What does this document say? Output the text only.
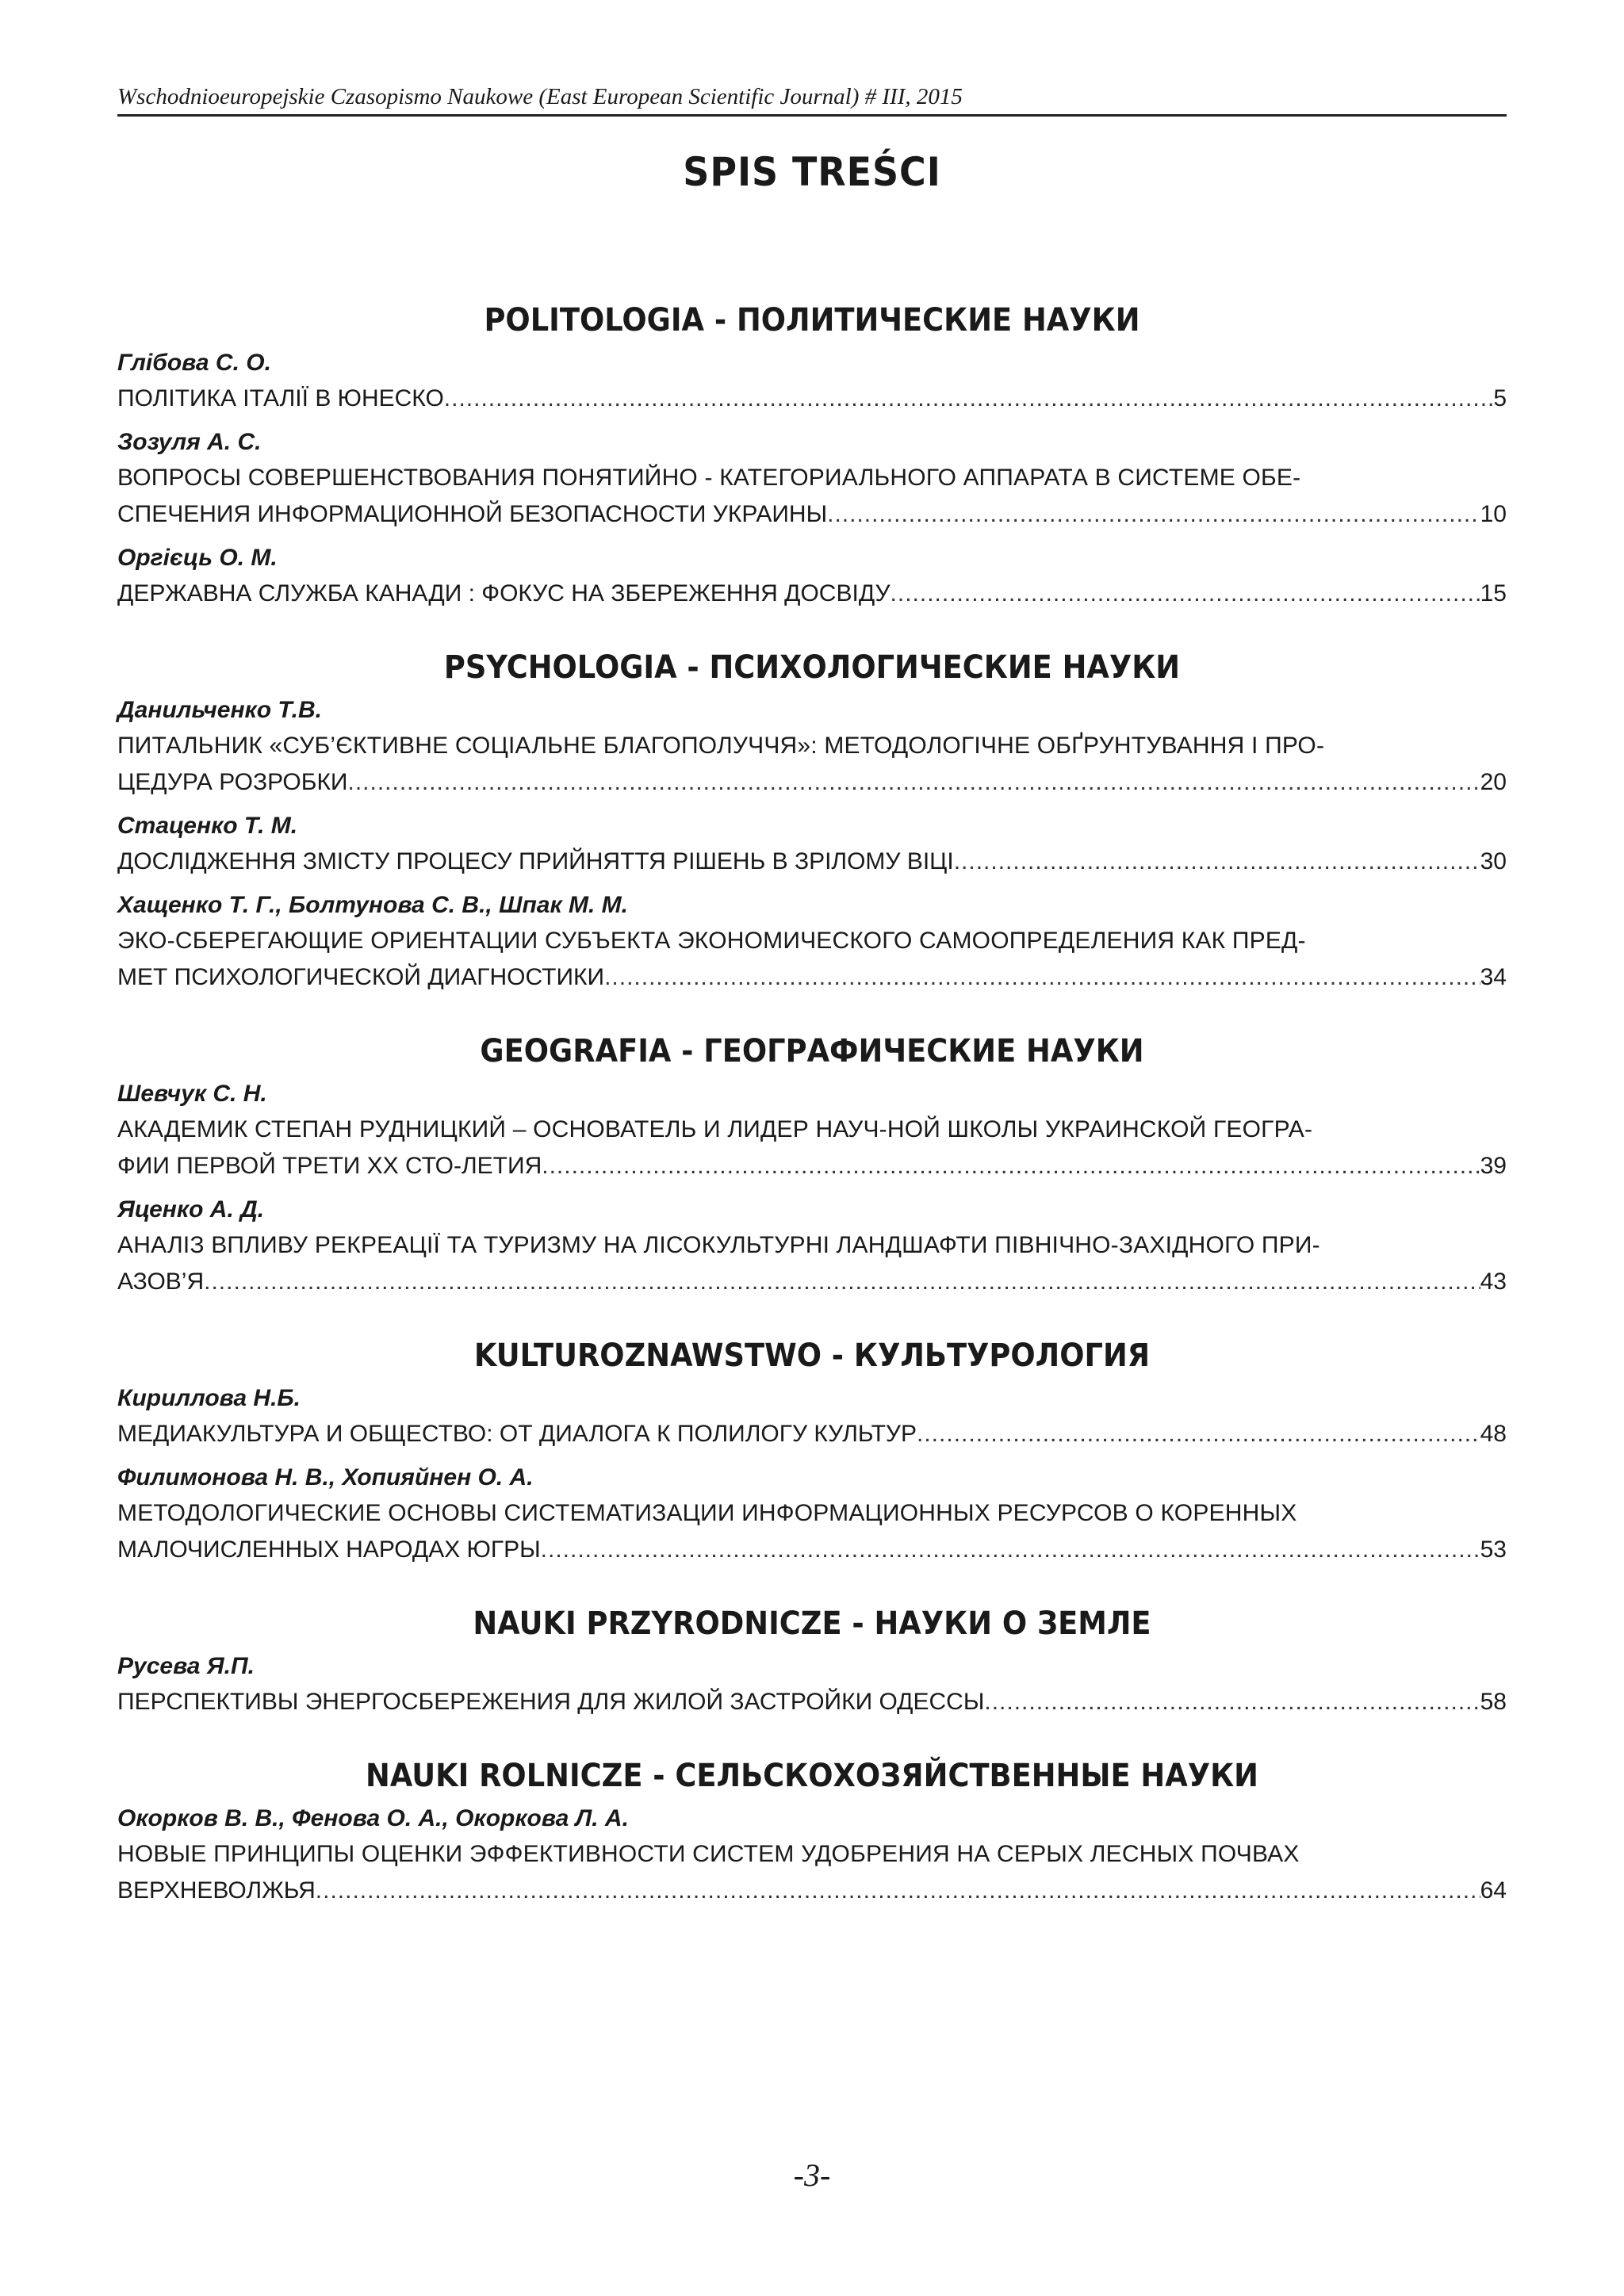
Wschodnioeuropejskie Czasopismo Naukowe (East European Scientific Journal) # III, 2015
SPIS TREŚCI
POLITOLOGIA - ПОЛИТИЧЕСКИЕ НАУКИ
Глібова С. О.
ПОЛІТИКА ІТАЛІЇ В ЮНЕСКО .....	5
Зозуля А. С.
ВОПРОСЫ СОВЕРШЕНСТВОВАНИЯ ПОНЯТИЙНО - КАТЕГОРИАЛЬНОГО АППАРАТА В СИСТЕМЕ ОБЕ-
СПЕЧЕНИЯ ИНФОРМАЦИОННОЙ БЕЗОПАСНОСТИ УКРАИНЫ .....	10
Оргієць О. М.
ДЕРЖАВНА СЛУЖБА КАНАДИ : ФОКУС НА ЗБЕРЕЖЕННЯ ДОСВІДУ .....	15
PSYCHOLOGIA - ПСИХОЛОГИЧЕСКИЕ НАУКИ
Данильченко Т.В.
ПИТАЛЬНИК «СУБ’ЄКТИВНЕ СОЦІАЛЬНЕ БЛАГОПОЛУЧЧЯ»: МЕТОДОЛОГІЧНЕ ОБҐРУНТУВАННЯ І ПРО-
ЦЕДУРА РОЗРОБКИ .....	20
Стаценко Т. М.
ДОСЛІДЖЕННЯ ЗМІСТУ ПРОЦЕСУ ПРИЙНЯТТЯ РІШЕНЬ В ЗРІЛОМУ ВІЦІ .....	30
Хащенко Т. Г., Болтунова С. В., Шпак М. М.
ЭКО-СБЕРЕГАЮЩИЕ ОРИЕНТАЦИИ СУБЪЕКТА ЭКОНОМИЧЕСКОГО САМООПРЕДЕЛЕНИЯ КАК ПРЕД-
МЕТ ПСИХОЛОГИЧЕСКОЙ ДИАГНОСТИКИ .....	34
GEOGRAFIA - ГЕОГРАФИЧЕСКИЕ НАУКИ
Шевчук С. Н.
АКАДЕМИК СТЕПАН РУДНИЦКИЙ – ОСНОВАТЕЛЬ И ЛИДЕР НАУЧ-НОЙ ШКОЛЫ УКРАИНСКОЙ ГЕОГРА-
ФИИ ПЕРВОЙ ТРЕТИ ХХ СТО-ЛЕТИЯ .....	39
Яценко А. Д.
АНАЛІЗ ВПЛИВУ РЕКРЕАЦІЇ ТА ТУРИЗМУ НА ЛІСОКУЛЬТУРНІ ЛАНДШАФТИ ПІВНІЧНО-ЗАХІДНОГО ПРИ-
АЗОВ’Я .....	43
KULTUROZNAWSTWO - КУЛЬТУРОЛОГИЯ
Кириллова Н.Б.
МЕДИАКУЛЬТУРА И ОБЩЕСТВО: ОТ ДИАЛОГА К ПОЛИЛОГУ КУЛЬТУР .....	48
Филимонова Н. В., Хопияйнен О. А.
МЕТОДОЛОГИЧЕСКИЕ ОСНОВЫ СИСТЕМАТИЗАЦИИ ИНФОРМАЦИОННЫХ РЕСУРСОВ О КОРЕННЫХ
МАЛОЧИСЛЕННЫХ НАРОДАХ ЮГРЫ .....	53
NAUKI PRZYRODNICZE - НАУКИ О ЗЕМЛЕ
Русева Я.П.
ПЕРСПЕКТИВЫ ЭНЕРГОСБЕРЕЖЕНИЯ ДЛЯ ЖИЛОЙ ЗАСТРОЙКИ ОДЕССЫ .....	58
NAUKI ROLNICZE - СЕЛЬСКОХОЗЯЙСТВЕННЫЕ НАУКИ
Окорков В. В., Фенова О. А., Окоркова Л. А.
НОВЫЕ ПРИНЦИПЫ ОЦЕНКИ ЭФФЕКТИВНОСТИ СИСТЕМ УДОБРЕНИЯ НА СЕРЫХ ЛЕСНЫХ ПОЧВАХ
ВЕРХНЕВОЛЖЬЯ .....	64
-3-
